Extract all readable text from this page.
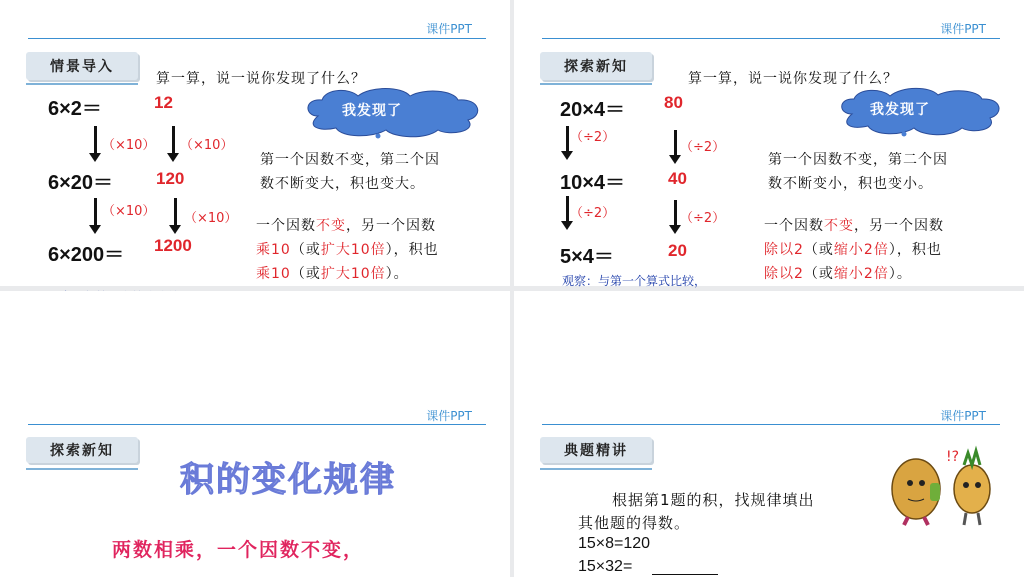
课件PPT
情景导入
算一算，说一说你发现了什么？
我发现了
6×2＝	12
（×10） （×10）
6×20＝	120
（×10） （×10）
6×200＝ 1200
第一个因数不变，第二个因
数不断变大，积也变大。
一个因数不变，另一个因数
乘10（或扩大10倍），积也
乘10（或扩大10倍）。
课件PPT
探索新知
算一算，说一说你发现了什么？
我发现了
20×4＝ 80
（÷2）
（÷2）
10×4＝	40
（÷2）	（÷2）
5×4＝	20
第一个因数不变，第二个因
数不断变小，积也变小。
一个因数不变，另一个因数
除以2（或缩小2倍），积也
除以2（或缩小2倍）。
观察：与第一个算式比较，
课件PPT
探索新知
积的变化规律
两数相乘，一个因数不变，
课件PPT
!?
典题精讲
根据第1题的积，找规律填出
其他题的得数。
15×8=120
15×32=
